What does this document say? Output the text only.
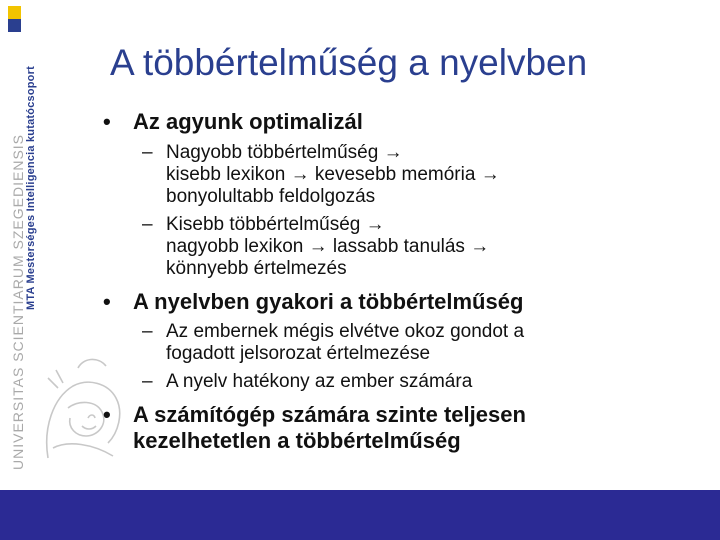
MTA Mesterséges Intelligencia kutatócsoport
UNIVERSITAS SCIENTIARUM SZEGEDIENSIS
A többértelműség a nyelvben
• Az agyunk optimalizál
– Nagyobb többértelműség →
kisebb lexikon → kevesebb memória →
bonyolultabb feldolgozás
– Kisebb többértelműség →
nagyobb lexikon → lassabb tanulás →
könnyebb értelmezés
• A nyelvben gyakori a többértelműség
– Az embernek mégis elvétve okoz gondot a
fogadott jelsorozat értelmezése
– A nyelv hatékony az ember számára
• A számítógép számára szinte teljesen
kezelhetetlen a többértelműség
